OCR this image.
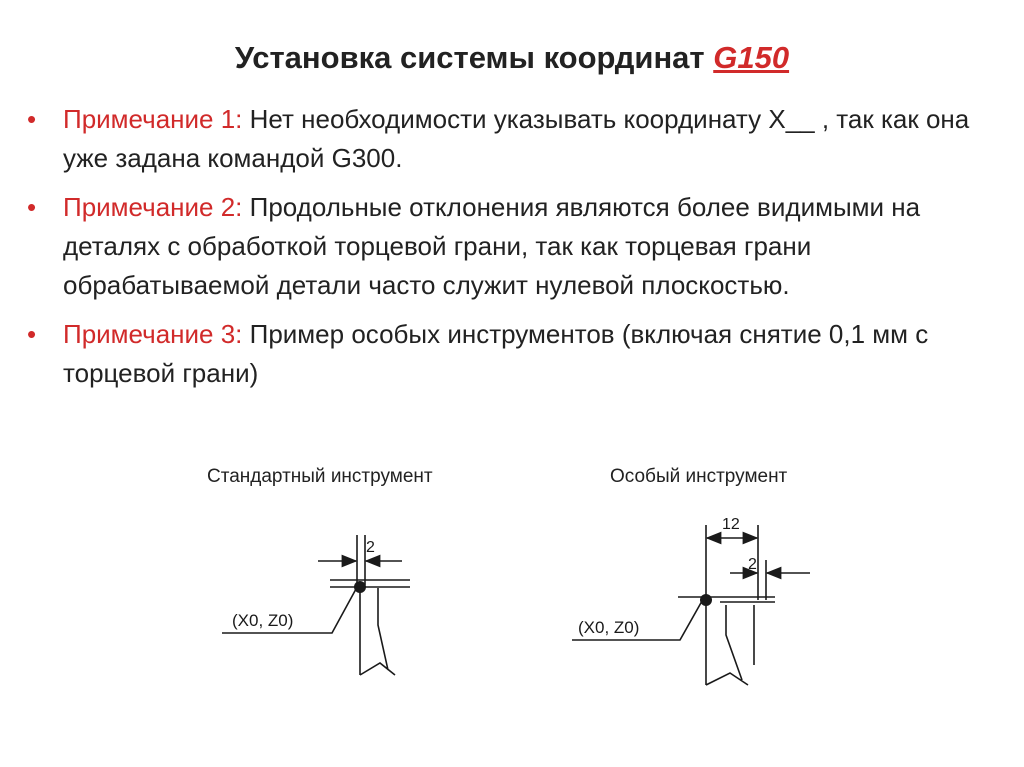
Установка системы координат G150
• Примечание 1: Нет необходимости указывать координату X__ , так как она уже задана командой G300.
• Примечание 2: Продольные отклонения являются более видимыми на деталях с обработкой торцевой грани, так как торцевая грани обрабатываемой детали часто служит нулевой плоскостью.
• Примечание 3: Пример особых инструментов (включая снятие 0,1 мм с торцевой грани)
Стандартный инструмент	Особый инструмент
2
(X0, Z0)
12
2
(X0, Z0)
